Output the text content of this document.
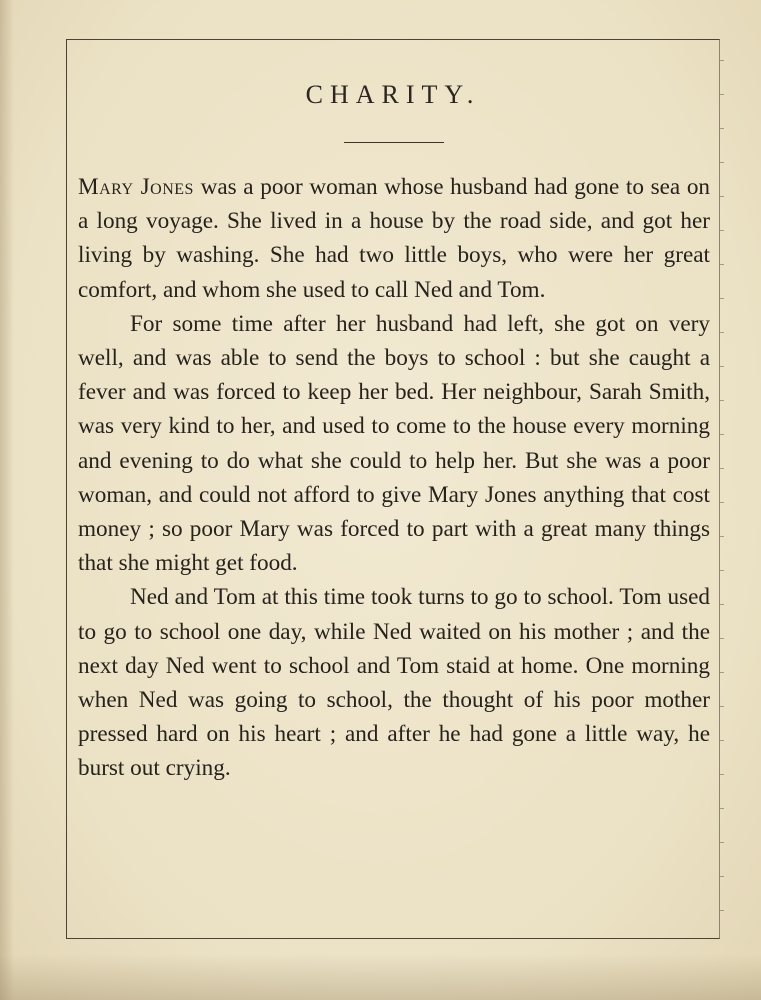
CHARITY.

Mary Jones was a poor woman whose husband had gone to sea on a long voyage. She lived in a house by the road side, and got her living by washing. She had two little boys, who were her great comfort, and whom she used to call Ned and Tom.

For some time after her husband had left, she got on very well, and was able to send the boys to school : but she caught a fever and was forced to keep her bed. Her neighbour, Sarah Smith, was very kind to her, and used to come to the house every morning and evening to do what she could to help her. But she was a poor woman, and could not afford to give Mary Jones anything that cost money ; so poor Mary was forced to part with a great many things that she might get food.

Ned and Tom at this time took turns to go to school. Tom used to go to school one day, while Ned waited on his mother ; and the next day Ned went to school and Tom staid at home. One morning when Ned was going to school, the thought of his poor mother pressed hard on his heart ; and after he had gone a little way, he burst out crying.
